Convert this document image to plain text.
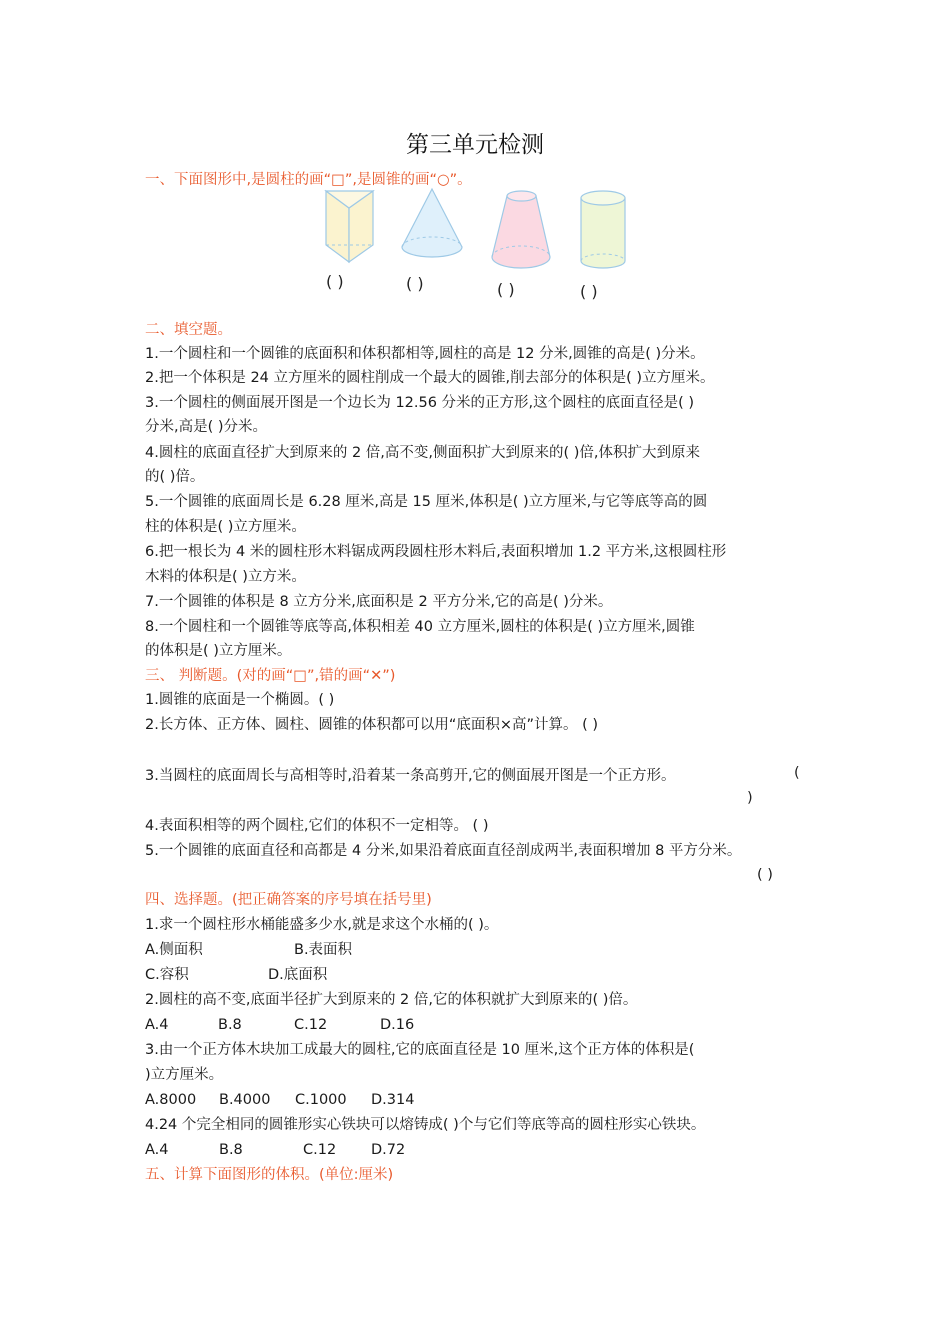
第三单元检测
一、下面图形中,是圆柱的画“□”,是圆锥的画“○”。
( )	( )	( )	( )
二、填空题。
1.一个圆柱和一个圆锥的底面积和体积都相等,圆柱的高是 12 分米,圆锥的高是( )分米。
2.把一个体积是 24 立方厘米的圆柱削成一个最大的圆锥,削去部分的体积是( )立方厘米。
3.一个圆柱的侧面展开图是一个边长为 12.56 分米的正方形,这个圆柱的底面直径是( )
分米,高是( )分米。
4.圆柱的底面直径扩大到原来的 2 倍,高不变,侧面积扩大到原来的( )倍,体积扩大到原来
的( )倍。
5.一个圆锥的底面周长是 6.28 厘米,高是 15 厘米,体积是( )立方厘米,与它等底等高的圆
柱的体积是( )立方厘米。
6.把一根长为 4 米的圆柱形木料锯成两段圆柱形木料后,表面积增加 1.2 平方米,这根圆柱形
木料的体积是( )立方米。
7.一个圆锥的体积是 8 立方分米,底面积是 2 平方分米,它的高是( )分米。
8.一个圆柱和一个圆锥等底等高,体积相差 40 立方厘米,圆柱的体积是( )立方厘米,圆锥
的体积是( )立方厘米。
三、 判断题。(对的画“□”,错的画“✕”)
1.圆锥的底面是一个椭圆。( )
2.长方体、正方体、圆柱、圆锥的体积都可以用“底面积×高”计算。 ( )
3.当圆柱的底面周长与高相等时,沿着某一条高剪开,它的侧面展开图是一个正方形。	(
)
4.表面积相等的两个圆柱,它们的体积不一定相等。 ( )
5.一个圆锥的底面直径和高都是 4 分米,如果沿着底面直径剖成两半,表面积增加 8 平方分米。
( )
四、选择题。(把正确答案的序号填在括号里)
1.求一个圆柱形水桶能盛多少水,就是求这个水桶的( )。
A.侧面积	B.表面积
C.容积	D.底面积
2.圆柱的高不变,底面半径扩大到原来的 2 倍,它的体积就扩大到原来的( )倍。
A.4	B.8	C.12	D.16
3.由一个正方体木块加工成最大的圆柱,它的底面直径是 10 厘米,这个正方体的体积是(
)立方厘米。
A.8000 B.4000 C.1000 D.314
4.24 个完全相同的圆锥形实心铁块可以熔铸成( )个与它们等底等高的圆柱形实心铁块。
A.4	B.8	C.12 D.72
五、计算下面图形的体积。(单位:厘米)
